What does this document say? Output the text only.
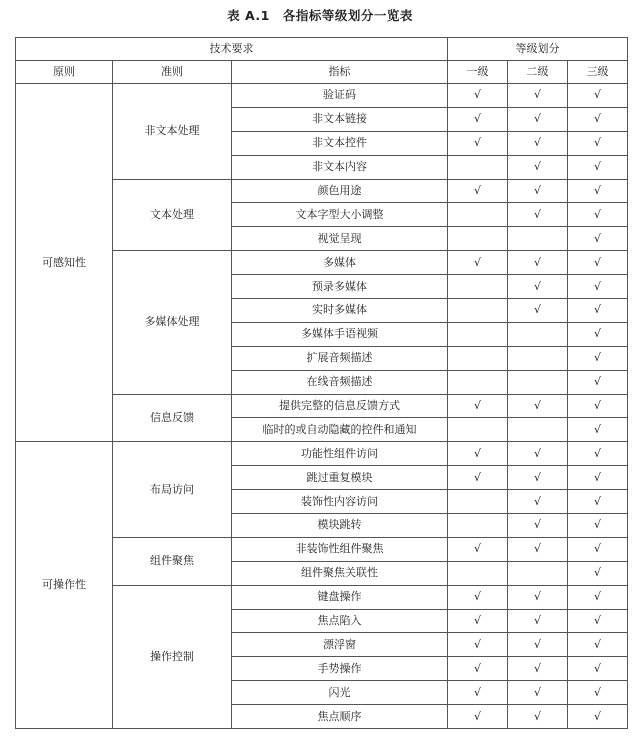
表 A.1　各指标等级划分一览表
技术要求			等级划分		
原则	准则	指标	一级	二级	三级
可感知性	非文本处理	验证码	√	√	√
		非文本链接	√	√	√
		非文本控件	√	√	√
		非文本内容		√	√
	文本处理	颜色用途	√	√	√
		文本字型大小调整		√	√
		视觉呈现			√
	多媒体处理	多媒体	√	√	√
		预录多媒体		√	√
		实时多媒体		√	√
		多媒体手语视频			√
		扩展音频描述			√
		在线音频描述			√
	信息反馈	提供完整的信息反馈方式	√	√	√
		临时的或自动隐藏的控件和通知			√
可操作性	布局访问	功能性组件访问	√	√	√
		跳过重复模块	√	√	√
		装饰性内容访问		√	√
		模块跳转		√	√
	组件聚焦	非装饰性组件聚焦	√	√	√
		组件聚焦关联性			√
	操作控制	键盘操作	√	√	√
		焦点陷入	√	√	√
		漂浮窗	√	√	√
		手势操作	√	√	√
		闪光	√	√	√
		焦点顺序	√	√	√
